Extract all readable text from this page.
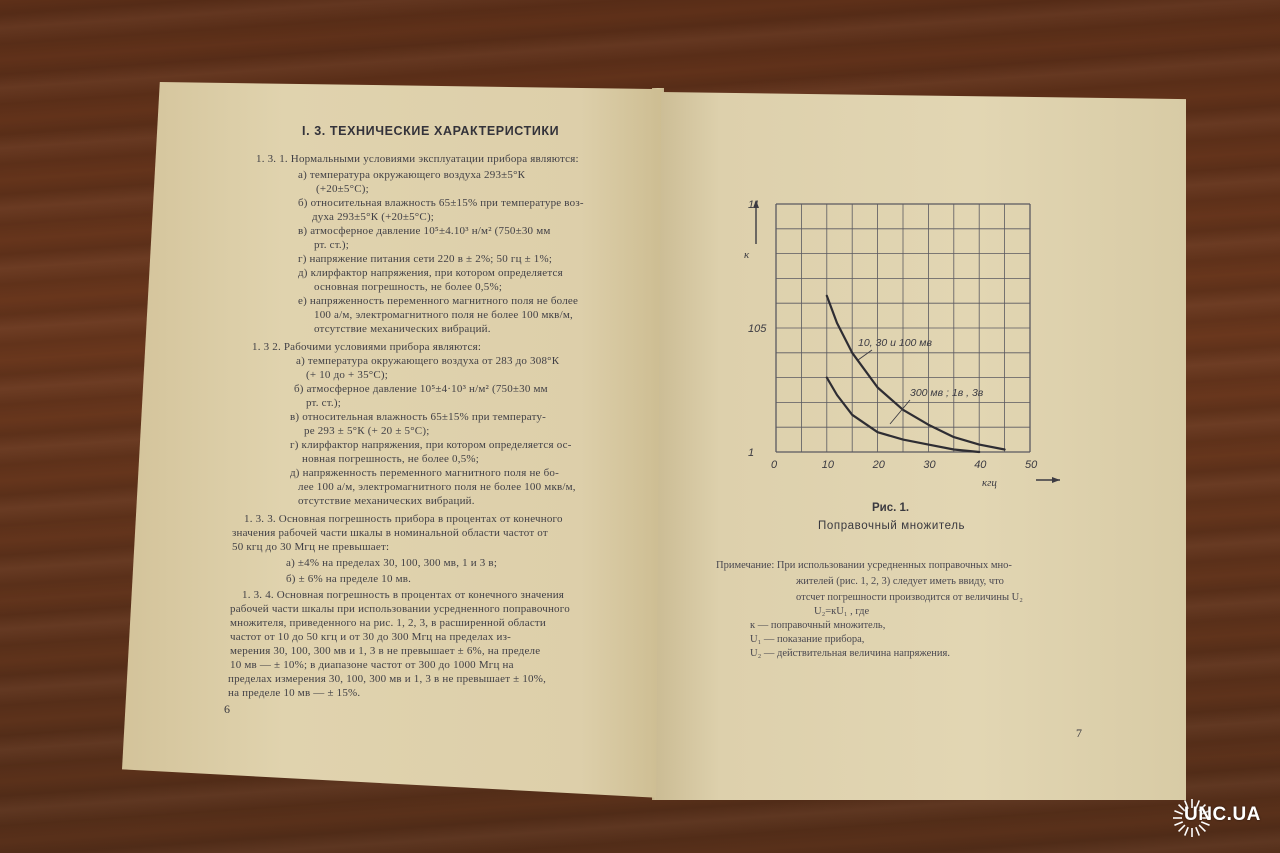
I. 3. ТЕХНИЧЕСКИЕ ХАРАКТЕРИСТИКИ
1. 3. 1. Нормальными условиями эксплуатации прибора являются:
а) температура окружающего воздуха 293±5°К
(+20±5°С);
б) относительная влажность 65±15% при температуре воз-
духа 293±5°К (+20±5°С);
в) атмосферное давление 10⁵±4.10³ н/м² (750±30 мм
рт. ст.);
г) напряжение питания сети 220 в ± 2%; 50 гц ± 1%;
д) клирфактор напряжения, при котором определяется
основная погрешность, не более 0,5%;
е) напряженность переменного магнитного поля не более
100 а/м, электромагнитного поля не более 100 мкв/м,
отсутствие механических вибраций.
1. 3 2. Рабочими условиями прибора являются:
а) температура окружающего воздуха от 283 до 308°К
(+ 10 до + 35°С);
б) атмосферное давление 10⁵±4·10³ н/м² (750±30 мм
рт. ст.);
в) относительная влажность 65±15% при температу-
ре 293 ± 5°К (+ 20 ± 5°С);
г) клирфактор напряжения, при котором определяется ос-
новная погрешность, не более 0,5%;
д) напряженность переменного магнитного поля не бо-
лее 100 а/м, электромагнитного поля не более 100 мкв/м,
отсутствие механических вибраций.
1. 3. 3. Основная погрешность прибора в процентах от конечного
значения рабочей части шкалы в номинальной области частот от
50 кгц до 30 Мгц не превышает:
а) ±4% на пределах 30, 100, 300 мв, 1 и 3 в;
б) ± 6% на пределе 10 мв.
1. 3. 4. Основная погрешность в процентах от конечного значения
рабочей части шкалы при использовании усредненного поправочного
множителя, приведенного на рис. 1, 2, 3, в расширенной области
частот от 10 до 50 кгц и от 30 до 300 Мгц на пределах из-
мерения 30, 100, 300 мв и 1, 3 в не превышает ± 6%, на пределе
10 мв — ± 10%; в диапазоне частот от 300 до 1000 Мгц на
пределах измерения 30, 100, 300 мв и 1, 3 в не превышает ± 10%,
на пределе 10 мв — ± 15%.
6
0	10	20	30	40	50
1
105
11
к
кгц
10, 30 и 100 мв
300 мв ; 1в , 3в
Рис. 1.
Поправочный множитель
Примечание: При использовании усредненных поправочных мно-
жителей (рис. 1, 2, 3) следует иметь ввиду, что
отсчет погрешности производится от величины U₂
U₂=кU₁ , где
к — поправочный множитель,
U₁ — показание прибора,
U₂ — действительная величина напряжения.
7
UNC.UA
